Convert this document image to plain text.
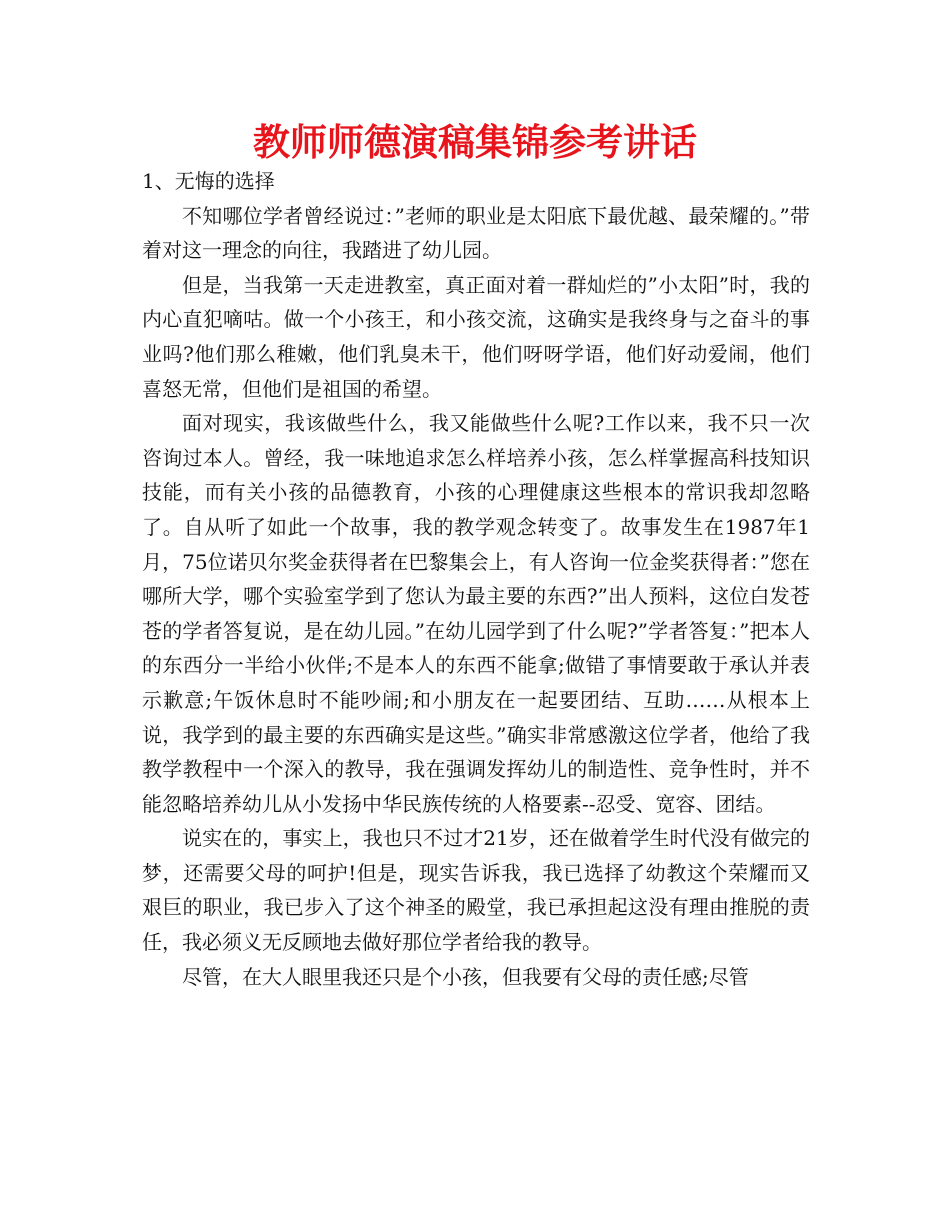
教师师德演稿集锦参考讲话

1、无悔的选择

不知哪位学者曾经说过：”老师的职业是太阳底下最优越、最荣耀的。”带着对这一理念的向往，我踏进了幼儿园。

但是，当我第一天走进教室，真正面对着一群灿烂的”小太阳”时，我的内心直犯嘀咕。做一个小孩王，和小孩交流，这确实是我终身与之奋斗的事业吗?他们那么稚嫩，他们乳臭未干，他们呀呀学语，他们好动爱闹，他们喜怒无常，但他们是祖国的希望。

面对现实，我该做些什么，我又能做些什么呢?工作以来，我不只一次咨询过本人。曾经，我一味地追求怎么样培养小孩，怎么样掌握高科技知识技能，而有关小孩的品德教育，小孩的心理健康这些根本的常识我却忽略了。自从听了如此一个故事，我的教学观念转变了。故事发生在1987年1月，75位诺贝尔奖金获得者在巴黎集会上，有人咨询一位金奖获得者：”您在哪所大学，哪个实验室学到了您认为最主要的东西?”出人预料，这位白发苍苍的学者答复说，是在幼儿园。”在幼儿园学到了什么呢?”学者答复：”把本人的东西分一半给小伙伴;不是本人的东西不能拿;做错了事情要敢于承认并表示歉意;午饭休息时不能吵闹;和小朋友在一起要团结、互助……从根本上说，我学到的最主要的东西确实是这些。”确实非常感激这位学者，他给了我教学教程中一个深入的教导，我在强调发挥幼儿的制造性、竞争性时，并不能忽略培养幼儿从小发扬中华民族传统的人格要素--忍受、宽容、团结。

说实在的，事实上，我也只不过才21岁，还在做着学生时代没有做完的梦，还需要父母的呵护!但是，现实告诉我，我已选择了幼教这个荣耀而又艰巨的职业，我已步入了这个神圣的殿堂，我已承担起这没有理由推脱的责任，我必须义无反顾地去做好那位学者给我的教导。

尽管，在大人眼里我还只是个小孩，但我要有父母的责任感;尽管
